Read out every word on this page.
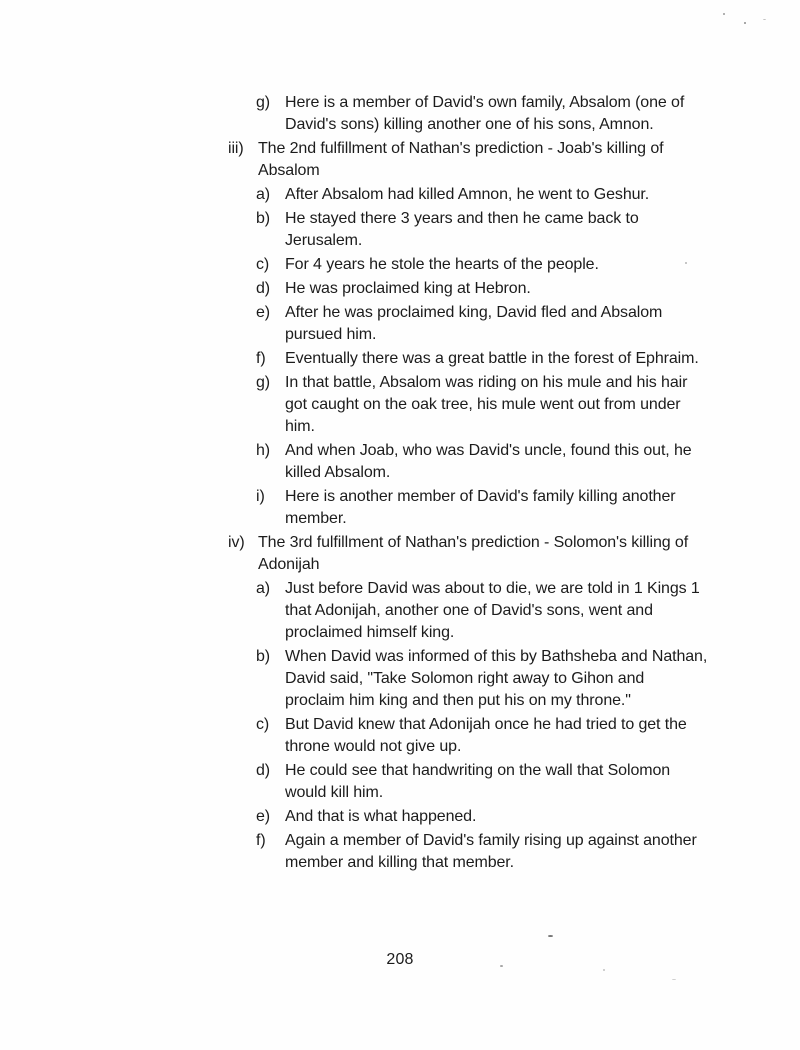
g) Here is a member of David's own family, Absalom (one of
David's sons) killing another one of his sons, Amnon.
iii) The 2nd fulfillment of Nathan's prediction - Joab's killing of
Absalom
a) After Absalom had killed Amnon, he went to Geshur.
b) He stayed there 3 years and then he came back to
Jerusalem.
c) For 4 years he stole the hearts of the people.
d) He was proclaimed king at Hebron.
e) After he was proclaimed king, David fled and Absalom
pursued him.
f)	Eventually there was a great battle in the forest of Ephraim.
g) In that battle, Absalom was riding on his mule and his hair
got caught on the oak tree, his mule went out from under
him.
h) And when Joab, who was David's uncle, found this out, he
killed Absalom.
i)	Here is another member of David's family killing another
member.
iv) The 3rd fulfillment of Nathan's prediction - Solomon's killing of
Adonijah
a) Just before David was about to die, we are told in 1 Kings 1
that Adonijah, another one of David's sons, went and
proclaimed himself king.
b) When David was informed of this by Bathsheba and Nathan,
David said, "Take Solomon right away to Gihon and
proclaim him king and then put his on my throne."
c) But David knew that Adonijah once he had tried to get the
throne would not give up.
d) He could see that handwriting on the wall that Solomon
would kill him.
e) And that is what happened.
f)	Again a member of David's family rising up against another
member and killing that member.
208
